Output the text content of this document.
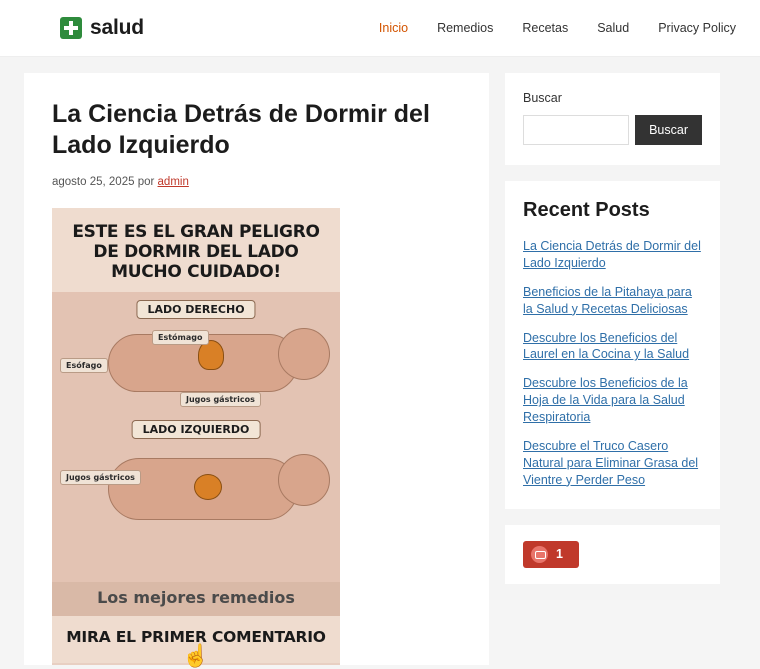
salud	Inicio Remedios Recetas Salud Privacy Policy
La Ciencia Detrás de Dormir del Lado Izquierdo
agosto 25, 2025 por admin
ESTE ES EL GRAN PELIGRO
DE DORMIR DEL LADO
MUCHO CUIDADO!
LADO DERECHO
Esófago
Estómago
Jugos gástricos
LADO IZQUIERDO
Jugos gástricos
Los mejores remedios
MIRA EL PRIMER COMENTARIO
☝
Buscar
Buscar
Recent Posts
La Ciencia Detrás de Dormir del Lado Izquierdo
Beneficios de la Pitahaya para la Salud y Recetas Deliciosas
Descubre los Beneficios del Laurel en la Cocina y la Salud
Descubre los Beneficios de la Hoja de la Vida para la Salud Respiratoria
Descubre el Truco Casero Natural para Eliminar Grasa del Vientre y Perder Peso
1
